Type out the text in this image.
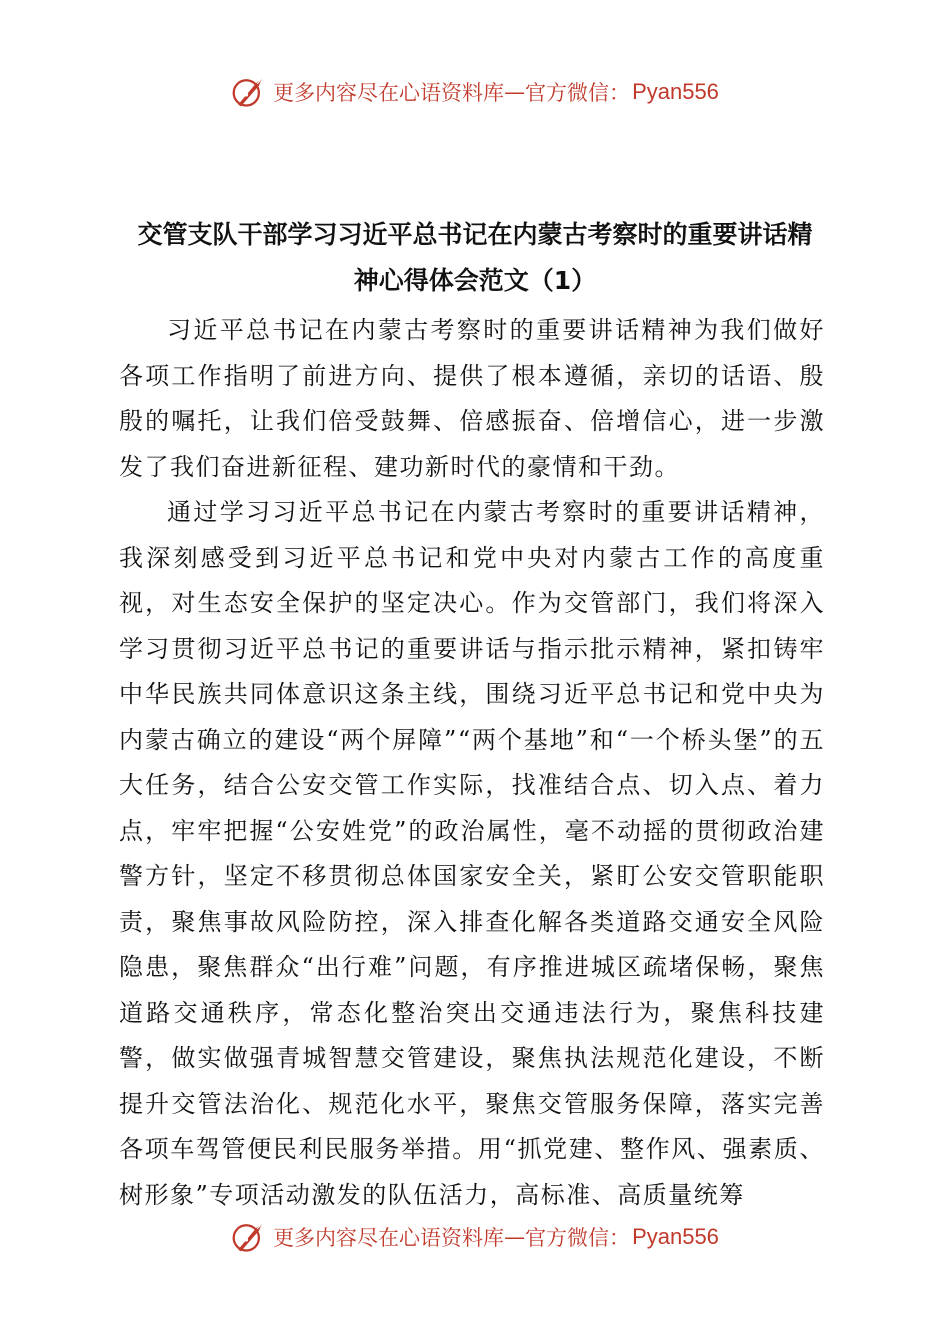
更多内容尽在心语资料库 — 官方微信： Pyan556
交管支队干部学习习近平总书记在内蒙古考察时的重要讲话精
神心得体会范文（1）

习近平总书记在内蒙古考察时的重要讲话精神为我们做好各项工作指明了前进方向、提供了根本遵循，亲切的话语、殷殷的嘱托，让我们倍受鼓舞、倍感振奋、倍增信心，进一步激发了我们奋进新征程、建功新时代的豪情和干劲。

通过学习习近平总书记在内蒙古考察时的重要讲话精神，我深刻感受到习近平总书记和党中央对内蒙古工作的高度重视，对生态安全保护的坚定决心。作为交管部门，我们将深入学习贯彻习近平总书记的重要讲话与指示批示精神，紧扣铸牢中华民族共同体意识这条主线，围绕习近平总书记和党中央为内蒙古确立的建设“两个屏障”“两个基地”和“一个桥头堡”的五大任务，结合公安交管工作实际，找准结合点、切入点、着力点，牢牢把握“公安姓党”的政治属性，毫不动摇的贯彻政治建警方针，坚定不移贯彻总体国家安全关，紧盯公安交管职能职责，聚焦事故风险防控，深入排查化解各类道路交通安全风险隐患，聚焦群众“出行难”问题，有序推进城区疏堵保畅，聚焦道路交通秩序，常态化整治突出交通违法行为，聚焦科技建警，做实做强青城智慧交管建设，聚焦执法规范化建设，不断提升交管法治化、规范化水平，聚焦交管服务保障，落实完善各项车驾管便民利民服务举措。用“抓党建、整作风、强素质、树形象”专项活动激发的队伍活力，高标准、高质量统筹

更多内容尽在心语资料库 — 官方微信： Pyan556
